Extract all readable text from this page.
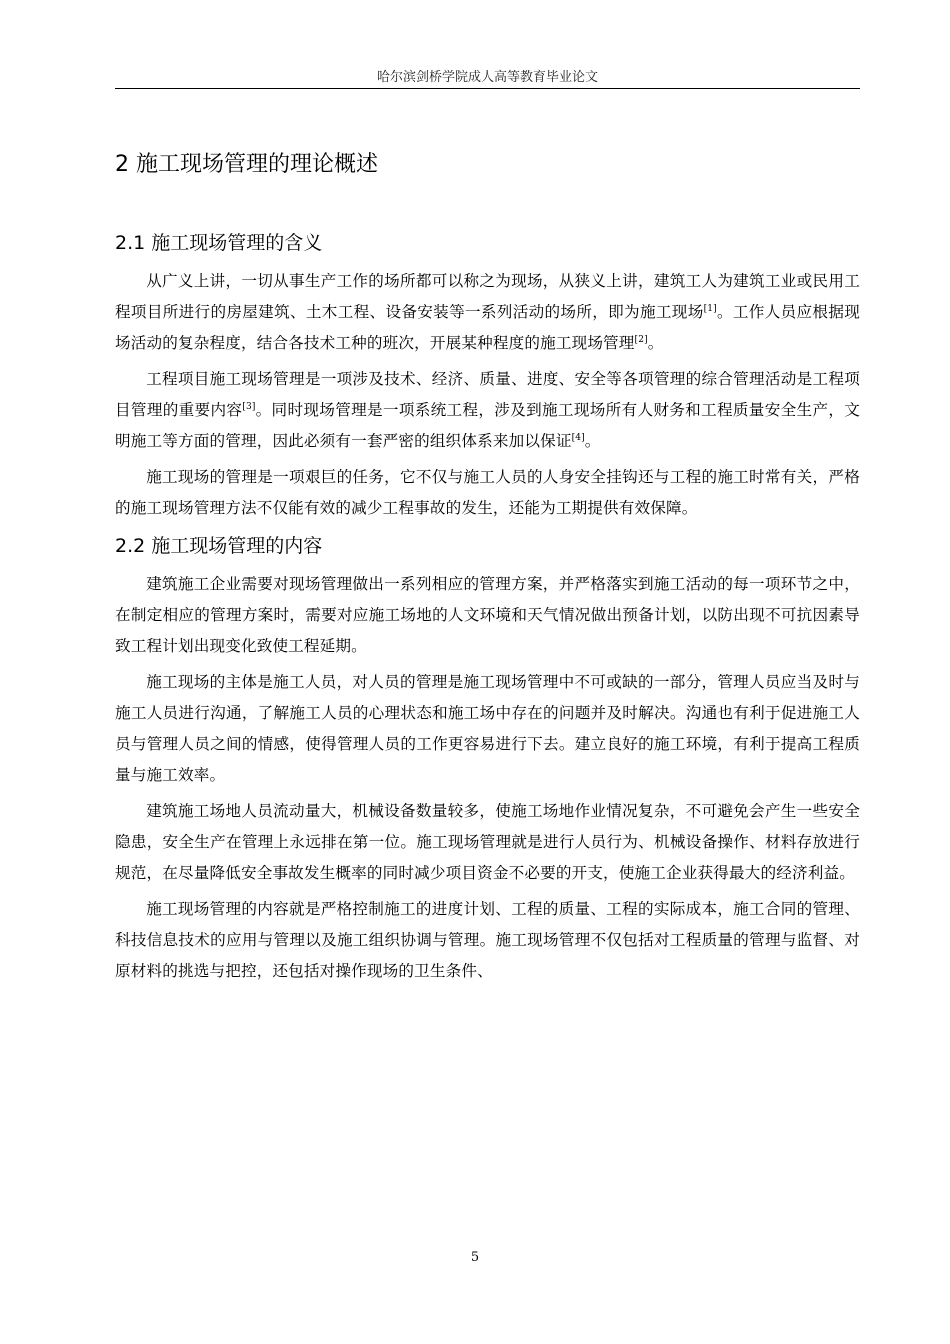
哈尔滨剑桥学院成人高等教育毕业论文
2 施工现场管理的理论概述
2.1 施工现场管理的含义

从广义上讲，一切从事生产工作的场所都可以称之为现场，从狭义上讲，建筑工人为建筑工业或民用工程项目所进行的房屋建筑、土木工程、设备安装等一系列活动的场所，即为施工现场[1]。工作人员应根据现场活动的复杂程度，结合各技术工种的班次，开展某种程度的施工现场管理[2]。

工程项目施工现场管理是一项涉及技术、经济、质量、进度、安全等各项管理的综合管理活动是工程项目管理的重要内容[3]。同时现场管理是一项系统工程，涉及到施工现场所有人财务和工程质量安全生产，文明施工等方面的管理，因此必须有一套严密的组织体系来加以保证[4]。

施工现场的管理是一项艰巨的任务，它不仅与施工人员的人身安全挂钩还与工程的施工时常有关，严格的施工现场管理方法不仅能有效的减少工程事故的发生，还能为工期提供有效保障。

2.2 施工现场管理的内容

建筑施工企业需要对现场管理做出一系列相应的管理方案，并严格落实到施工活动的每一项环节之中，在制定相应的管理方案时，需要对应施工场地的人文环境和天气情况做出预备计划，以防出现不可抗因素导致工程计划出现变化致使工程延期。

施工现场的主体是施工人员，对人员的管理是施工现场管理中不可或缺的一部分，管理人员应当及时与施工人员进行沟通，了解施工人员的心理状态和施工场中存在的问题并及时解决。沟通也有利于促进施工人员与管理人员之间的情感，使得管理人员的工作更容易进行下去。建立良好的施工环境，有利于提高工程质量与施工效率。

建筑施工场地人员流动量大，机械设备数量较多，使施工场地作业情况复杂，不可避免会产生一些安全隐患，安全生产在管理上永远排在第一位。施工现场管理就是进行人员行为、机械设备操作、材料存放进行规范，在尽量降低安全事故发生概率的同时减少项目资金不必要的开支，使施工企业获得最大的经济利益。

施工现场管理的内容就是严格控制施工的进度计划、工程的质量、工程的实际成本，施工合同的管理、科技信息技术的应用与管理以及施工组织协调与管理。施工现场管理不仅包括对工程质量的管理与监督、对原材料的挑选与把控，还包括对操作现场的卫生条件、

5
